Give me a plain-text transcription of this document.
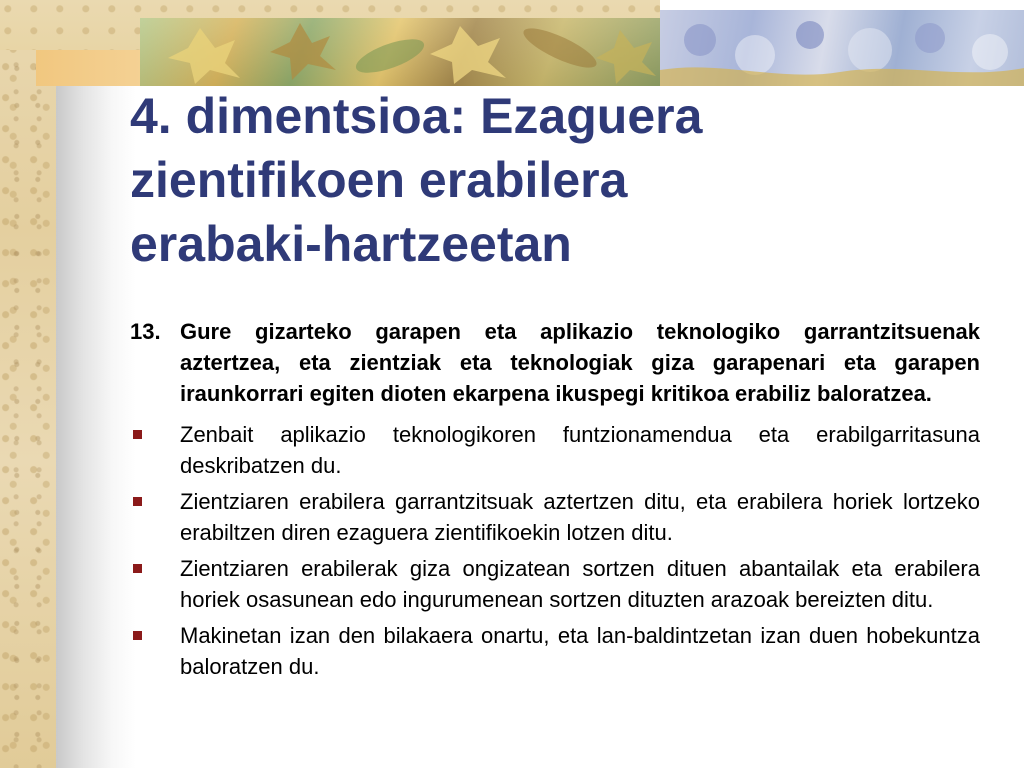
4. dimentsioa: Ezaguera
zientifikoen erabilera
erabaki-hartzeetan
13. Gure gizarteko garapen eta aplikazio teknologiko garrantzitsuenak aztertzea, eta zientziak eta teknologiak giza garapenari eta garapen iraunkorrari egiten dioten ekarpena ikuspegi kritikoa erabiliz baloratzea.
Zenbait aplikazio teknologikoren funtzionamendua eta erabilgarritasuna deskribatzen du.
Zientziaren erabilera garrantzitsuak aztertzen ditu, eta erabilera horiek lortzeko erabiltzen diren ezaguera zientifikoekin lotzen ditu.
Zientziaren erabilerak giza ongizatean sortzen dituen abantailak eta erabilera horiek osasunean edo ingurumenean sortzen dituzten arazoak bereizten ditu.
Makinetan izan den bilakaera onartu, eta lan-baldintzetan izan duen hobekuntza baloratzen du.
